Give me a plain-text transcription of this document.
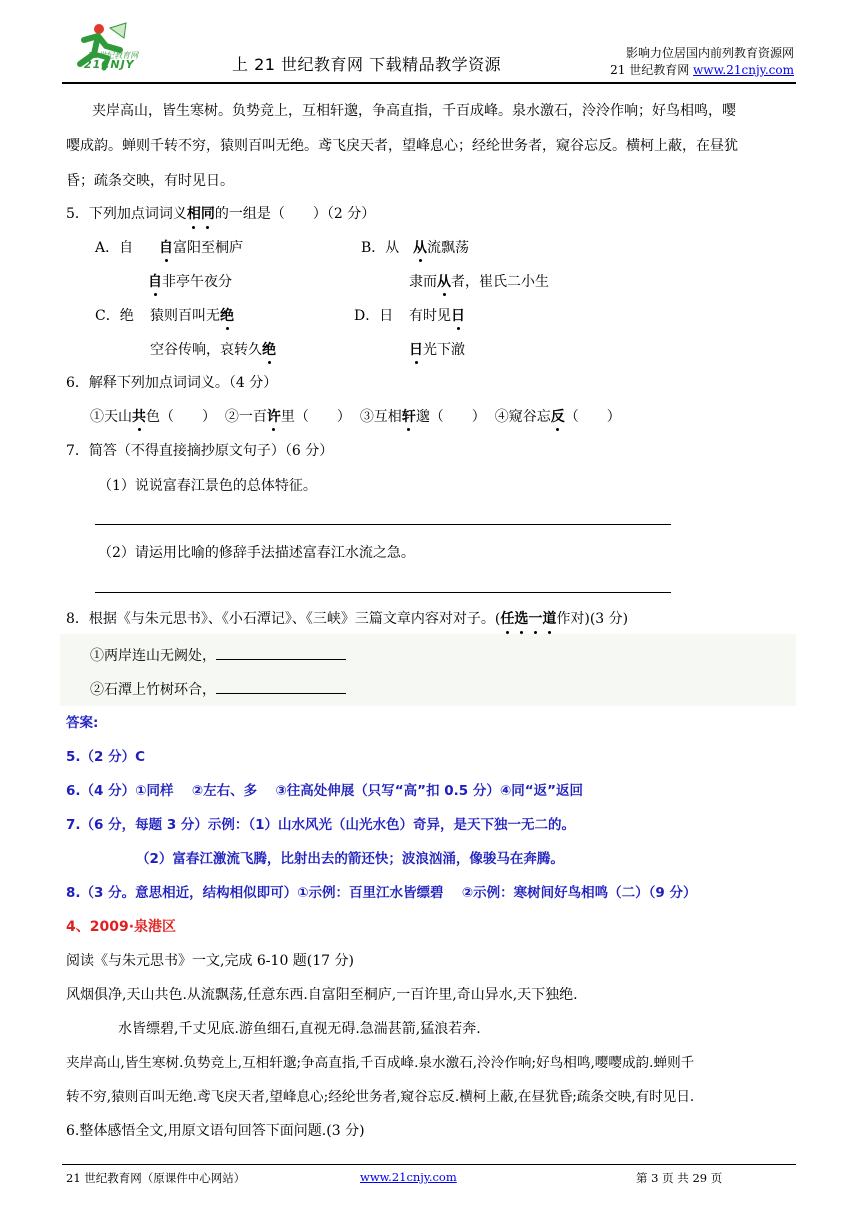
21世纪教育网
21CNJY	上 21 世纪教育网 下载精品教学资源
影响力位居国内前列教育资源网
21 世纪教育网 www.21cnjy.com
夹岸高山，皆生寒树。负势竞上，互相轩邈，争高直指，千百成峰。泉水激石，泠泠作响；好鸟相鸣，嘤
嘤成韵。蝉则千转不穷，猿则百叫无绝。鸢飞戾天者，望峰息心；经纶世务者，窥谷忘反。横柯上蔽，在昼犹
昏；疏条交映，有时见日。
5．下列加点词词义相同的一组是（　　）（2 分）
A．自 自富阳至桐庐
自非亭午夜分
B．从 从流飘荡
隶而从者，崔氏二小生
C．绝 猿则百叫无绝
空谷传响，哀转久绝
D．日 有时见日
日光下澈
6．解释下列加点词词义。（4 分）
①天山共色（　　） ②一百许里（　　） ③互相轩邈（　　） ④窥谷忘反（　　）
7．简答（不得直接摘抄原文句子）（6 分）
（1）说说富春江景色的总体特征。
（2）请运用比喻的修辞手法描述富春江水流之急。
8．根据《与朱元思书》、《小石潭记》、《三峡》三篇文章内容对对子。(任选一道作对)(3 分)
①两岸连山无阙处，
②石潭上竹树环合，
答案:
5.（2 分）C
6.（4 分）①同样　 ②左右、多　 ③往高处伸展（只写“高”扣 0.5 分）④同“返”返回
7.（6 分，每题 3 分）示例：（1）山水风光（山光水色）奇异，是天下独一无二的。
（2）富春江激流飞腾，比射出去的箭还快；波浪汹涌，像骏马在奔腾。
8.（3 分。意思相近，结构相似即可）①示例：百里江水皆缥碧　 ②示例：寒树间好鸟相鸣（二）（9 分）
4、2009·泉港区
阅读《与朱元思书》一文,完成 6-10 题(17 分)
风烟俱净,天山共色.从流飘荡,任意东西.自富阳至桐庐,一百许里,奇山异水,天下独绝.
水皆缥碧,千丈见底.游鱼细石,直视无碍.急湍甚箭,猛浪若奔.
夹岸高山,皆生寒树.负势竞上,互相轩邈;争高直指,千百成峰.泉水激石,泠泠作响;好鸟相鸣,嘤嘤成韵.蝉则千
转不穷,猿则百叫无绝.鸢飞戾天者,望峰息心;经纶世务者,窥谷忘反.横柯上蔽,在昼犹昏;疏条交映,有时见日.
6.整体感悟全文,用原文语句回答下面问题.(3 分)
21 世纪教育网（原课件中心网站）	www.21cnjy.com	第 3 页 共 29 页
